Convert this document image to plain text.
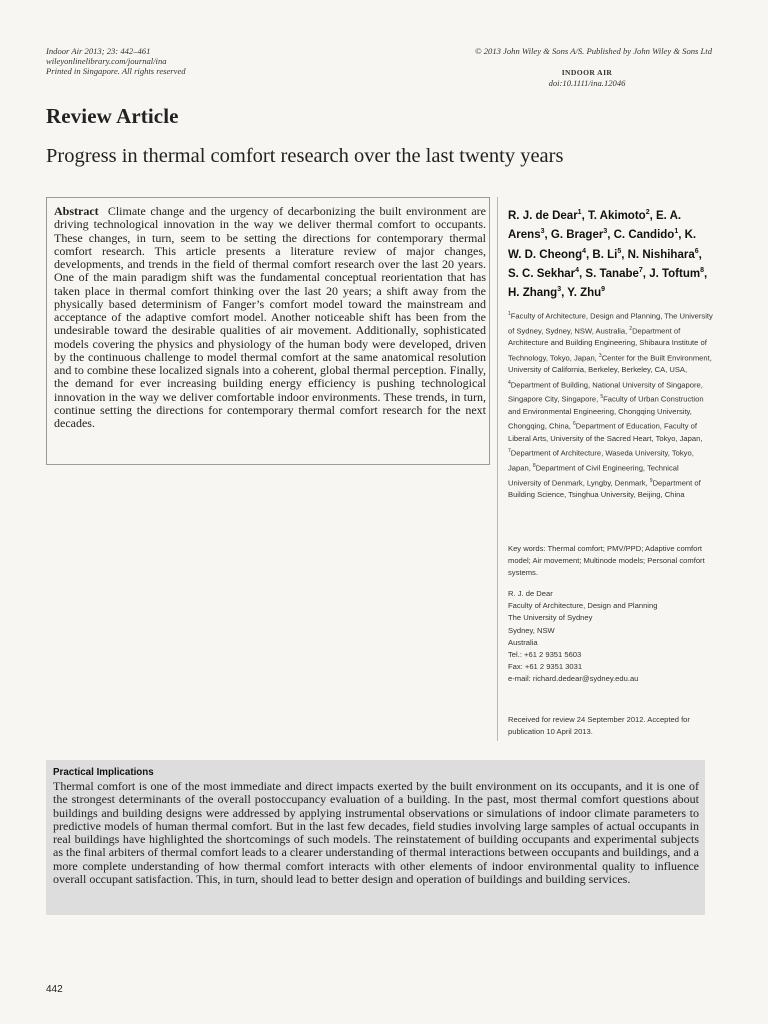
Indoor Air 2013; 23: 442–461
wileyonlinelibrary.com/journal/ina
Printed in Singapore. All rights reserved
© 2013 John Wiley & Sons A/S. Published by John Wiley & Sons Ltd
INDOOR AIR
doi:10.1111/ina.12046
Review Article
Progress in thermal comfort research over the last twenty years
Abstract Climate change and the urgency of decarbonizing the built environment are driving technological innovation in the way we deliver thermal comfort to occupants. These changes, in turn, seem to be setting the directions for contemporary thermal comfort research. This article presents a literature review of major changes, developments, and trends in the field of thermal comfort research over the last 20 years. One of the main paradigm shift was the fundamental conceptual reorientation that has taken place in thermal comfort thinking over the last 20 years; a shift away from the physically based determinism of Fanger’s comfort model toward the mainstream and acceptance of the adaptive comfort model. Another noticeable shift has been from the undesirable toward the desirable qualities of air movement. Additionally, sophisticated models covering the physics and physiology of the human body were developed, driven by the continuous challenge to model thermal comfort at the same anatomical resolution and to combine these localized signals into a coherent, global thermal perception. Finally, the demand for ever increasing building energy efficiency is pushing technological innovation in the way we deliver comfortable indoor environments. These trends, in turn, continue setting the directions for contemporary thermal comfort research for the next decades.
R. J. de Dear$^1$, T. Akimoto$^2$, E. A. Arens$^3$, G. Brager$^3$, C. Candido$^1$, K. W. D. Cheong$^4$, B. Li$^5$, N. Nishihara$^6$, S. C. Sekhar$^4$, S. Tanabe$^7$, J. Toftum$^8$, H. Zhang$^3$, Y. Zhu$^9$
$^1$Faculty of Architecture, Design and Planning, The University of Sydney, Sydney, NSW, Australia, $^2$Department of Architecture and Building Engineering, Shibaura Institute of Technology, Tokyo, Japan, $^3$Center for the Built Environment, University of California, Berkeley, Berkeley, CA, USA, $^4$Department of Building, National University of Singapore, Singapore City, Singapore, $^5$Faculty of Urban Construction and Environmental Engineering, Chongqing University, Chongqing, China, $^6$Department of Education, Faculty of Liberal Arts, University of the Sacred Heart, Tokyo, Japan, $^7$Department of Architecture, Waseda University, Tokyo, Japan, $^8$Department of Civil Engineering, Technical University of Denmark, Lyngby, Denmark, $^9$Department of Building Science, Tsinghua University, Beijing, China
Key words: Thermal comfort; PMV/PPD; Adaptive comfort model; Air movement; Multinode models; Personal comfort systems.
R. J. de Dear
Faculty of Architecture, Design and Planning
The University of Sydney
Sydney, NSW
Australia
Tel.: +61 2 9351 5603
Fax: +61 2 9351 3031
e-mail: richard.dedear@sydney.edu.au
Received for review 24 September 2012. Accepted for publication 10 April 2013.
Practical Implications
Thermal comfort is one of the most immediate and direct impacts exerted by the built environment on its occupants, and it is one of the strongest determinants of the overall postoccupancy evaluation of a building. In the past, most thermal comfort questions about buildings and building designs were addressed by applying instrumental observations or simulations of indoor climate parameters to predictive models of human thermal comfort. But in the last few decades, field studies involving large samples of actual occupants in real buildings have highlighted the shortcomings of such models. The reinstatement of building occupants and experimental subjects as the final arbiters of thermal comfort leads to a clearer understanding of thermal interactions between occupants and buildings, and a more complete understanding of how thermal comfort interacts with other elements of indoor environmental quality to influence overall occupant satisfaction. This, in turn, should lead to better design and operation of buildings and building services.
442
